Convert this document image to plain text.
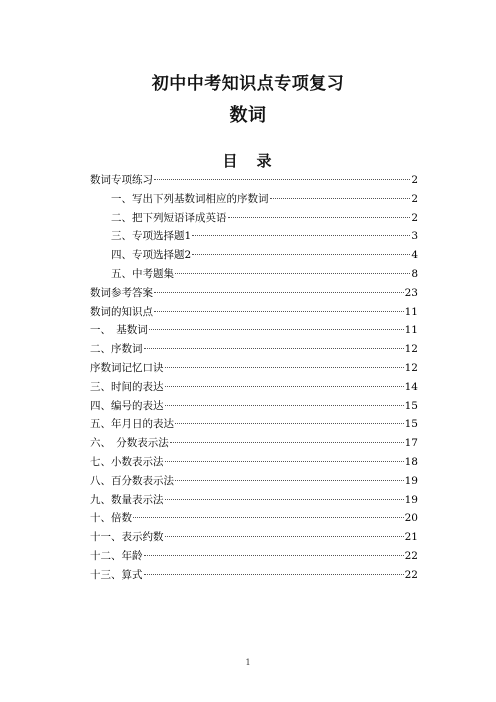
初中中考知识点专项复习
数词
目　录
数词专项练习	2
一、写出下列基数词相应的序数词	2
二、把下列短语译成英语	2
三、专项选择题1	3
四、专项选择题2	4
五、中考题集	8
数词参考答案	23
数词的知识点	11
一、　基数词	11
二、序数词	12
序数词记忆口诀	12
三、时间的表达	14
四、编号的表达	15
五、年月日的表达	15
六、　分数表示法	17
七、小数表示法	18
八、百分数表示法	19
九、数量表示法	19
十、倍数	20
十一、表示约数	21
十二、年龄	22
十三、算式	22
1
